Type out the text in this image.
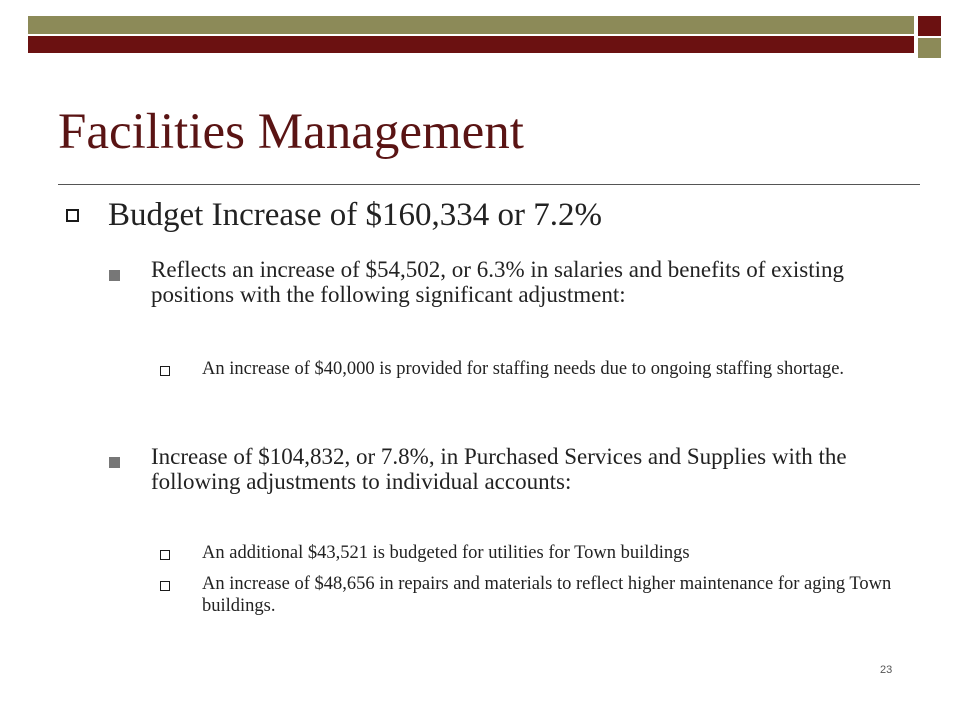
Facilities Management
Budget Increase of $160,334 or 7.2%
Reflects an increase of $54,502, or 6.3% in salaries and benefits of existing positions with the following significant adjustment:
An increase of $40,000 is provided for staffing needs due to ongoing staffing shortage.
Increase of $104,832, or 7.8%, in Purchased Services and Supplies with the following adjustments to individual accounts:
An additional $43,521 is budgeted for utilities for Town buildings
An increase of $48,656 in repairs and materials to reflect higher maintenance for aging Town buildings.
23
